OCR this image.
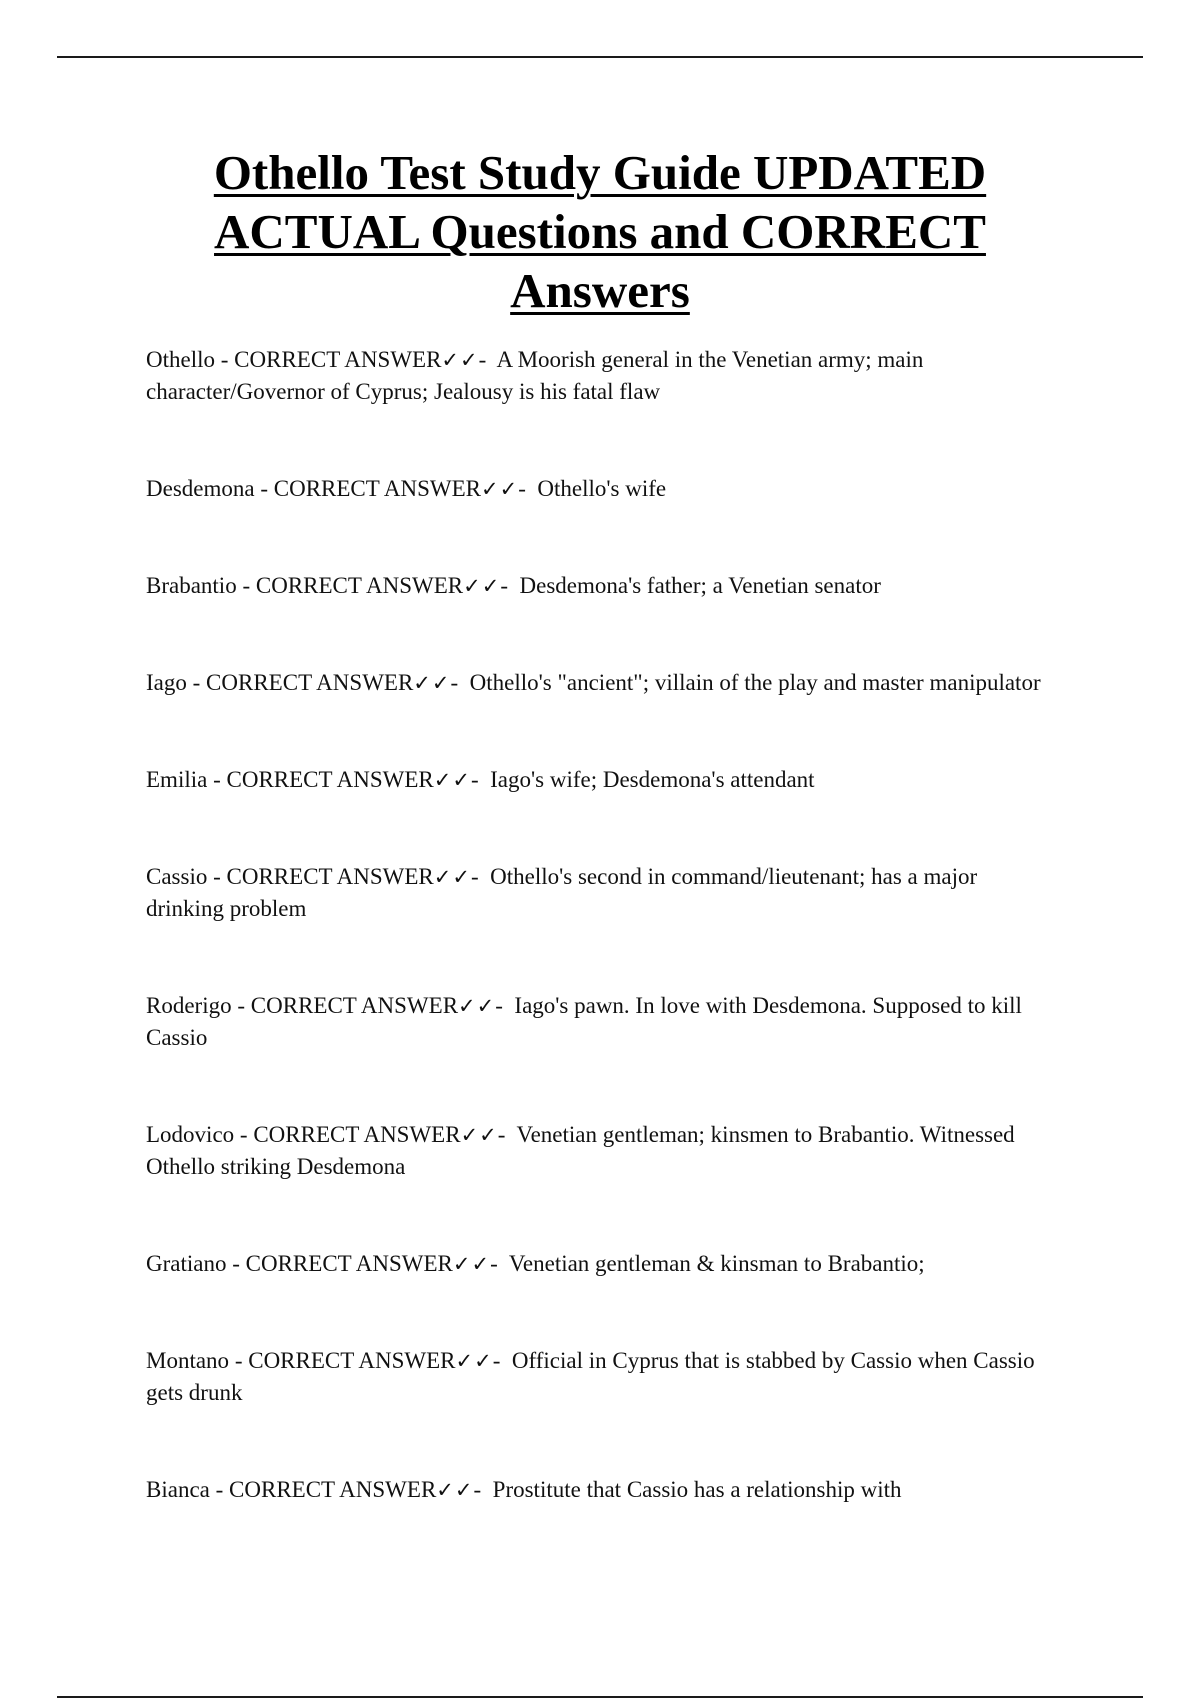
Othello Test Study Guide UPDATED ACTUAL Questions and CORRECT Answers

Othello - CORRECT ANSWER✓✓-  A Moorish general in the Venetian army; main character/Governor of Cyprus; Jealousy is his fatal flaw

Desdemona - CORRECT ANSWER✓✓-  Othello's wife

Brabantio - CORRECT ANSWER✓✓-  Desdemona's father; a Venetian senator

Iago - CORRECT ANSWER✓✓-  Othello's "ancient"; villain of the play and master manipulator

Emilia - CORRECT ANSWER✓✓-  Iago's wife; Desdemona's attendant

Cassio - CORRECT ANSWER✓✓-  Othello's second in command/lieutenant; has a major drinking problem

Roderigo - CORRECT ANSWER✓✓-  Iago's pawn. In love with Desdemona. Supposed to kill Cassio

Lodovico - CORRECT ANSWER✓✓-  Venetian gentleman; kinsmen to Brabantio. Witnessed Othello striking Desdemona

Gratiano - CORRECT ANSWER✓✓-  Venetian gentleman & kinsman to Brabantio;

Montano - CORRECT ANSWER✓✓-  Official in Cyprus that is stabbed by Cassio when Cassio gets drunk

Bianca - CORRECT ANSWER✓✓-  Prostitute that Cassio has a relationship with
